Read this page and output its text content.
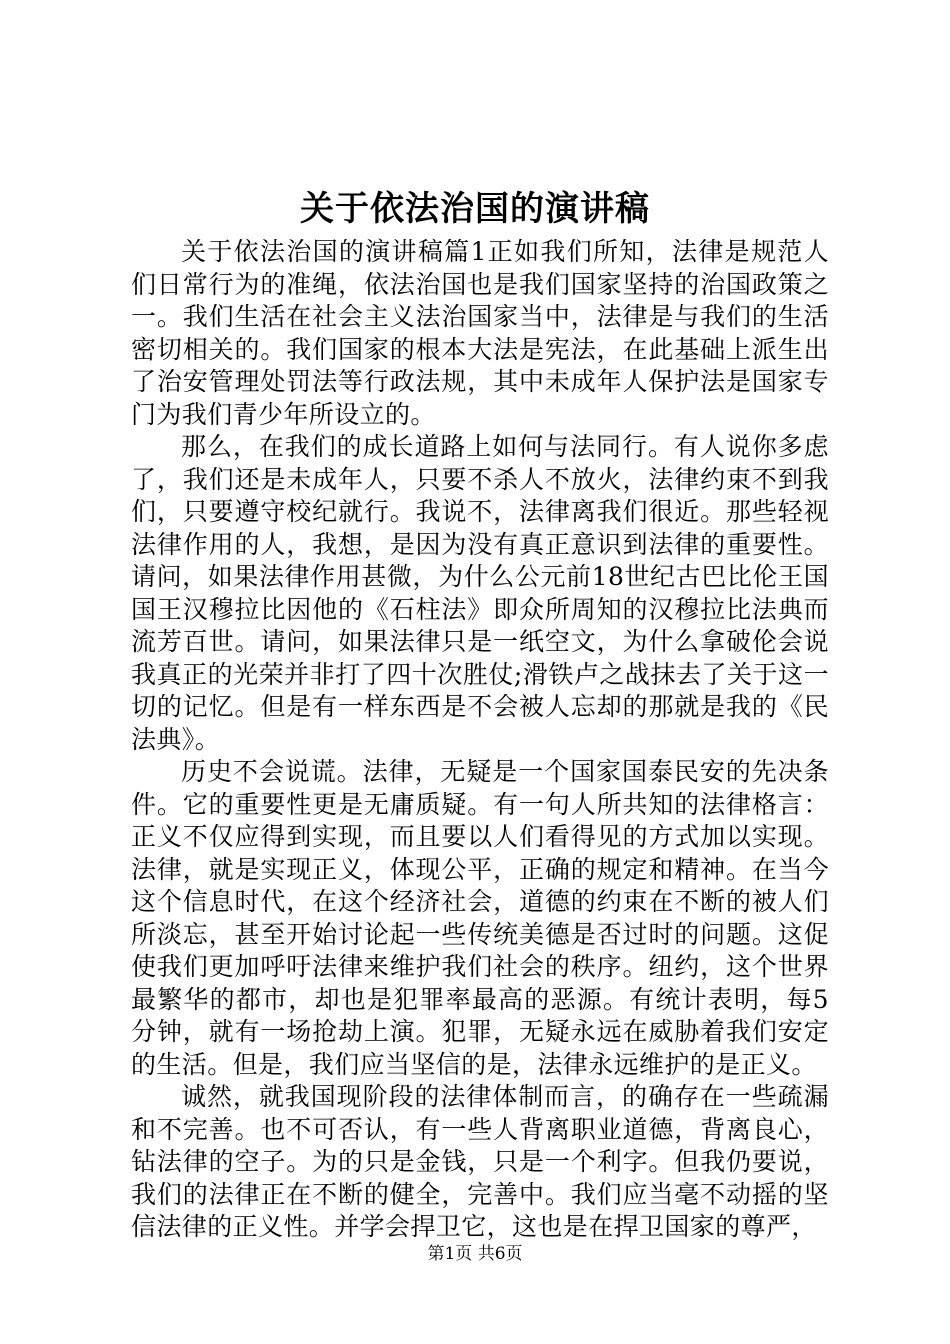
关于依法治国的演讲稿

关于依法治国的演讲稿篇1正如我们所知，法律是规范人们日常行为的准绳，依法治国也是我们国家坚持的治国政策之一。我们生活在社会主义法治国家当中，法律是与我们的生活密切相关的。我们国家的根本大法是宪法，在此基础上派生出了治安管理处罚法等行政法规，其中未成年人保护法是国家专门为我们青少年所设立的。

那么，在我们的成长道路上如何与法同行。有人说你多虑了，我们还是未成年人，只要不杀人不放火，法律约束不到我们，只要遵守校纪就行。我说不，法律离我们很近。那些轻视法律作用的人，我想，是因为没有真正意识到法律的重要性。请问，如果法律作用甚微，为什么公元前18世纪古巴比伦王国国王汉穆拉比因他的《石柱法》即众所周知的汉穆拉比法典而流芳百世。请问，如果法律只是一纸空文，为什么拿破伦会说我真正的光荣并非打了四十次胜仗;滑铁卢之战抹去了关于这一切的记忆。但是有一样东西是不会被人忘却的那就是我的《民法典》。

历史不会说谎。法律，无疑是一个国家国泰民安的先决条件。它的重要性更是无庸质疑。有一句人所共知的法律格言：正义不仅应得到实现，而且要以人们看得见的方式加以实现。法律，就是实现正义，体现公平，正确的规定和精神。在当今这个信息时代，在这个经济社会，道德的约束在不断的被人们所淡忘，甚至开始讨论起一些传统美德是否过时的问题。这促使我们更加呼吁法律来维护我们社会的秩序。纽约，这个世界最繁华的都市，却也是犯罪率最高的恶源。有统计表明，每5分钟，就有一场抢劫上演。犯罪，无疑永远在威胁着我们安定的生活。但是，我们应当坚信的是，法律永远维护的是正义。

诚然，就我国现阶段的法律体制而言，的确存在一些疏漏和不完善。也不可否认，有一些人背离职业道德，背离良心，钻法律的空子。为的只是金钱，只是一个利字。但我仍要说，我们的法律正在不断的健全，完善中。我们应当毫不动摇的坚信法律的正义性。并学会捍卫它，这也是在捍卫国家的尊严，

第1页 共6页
